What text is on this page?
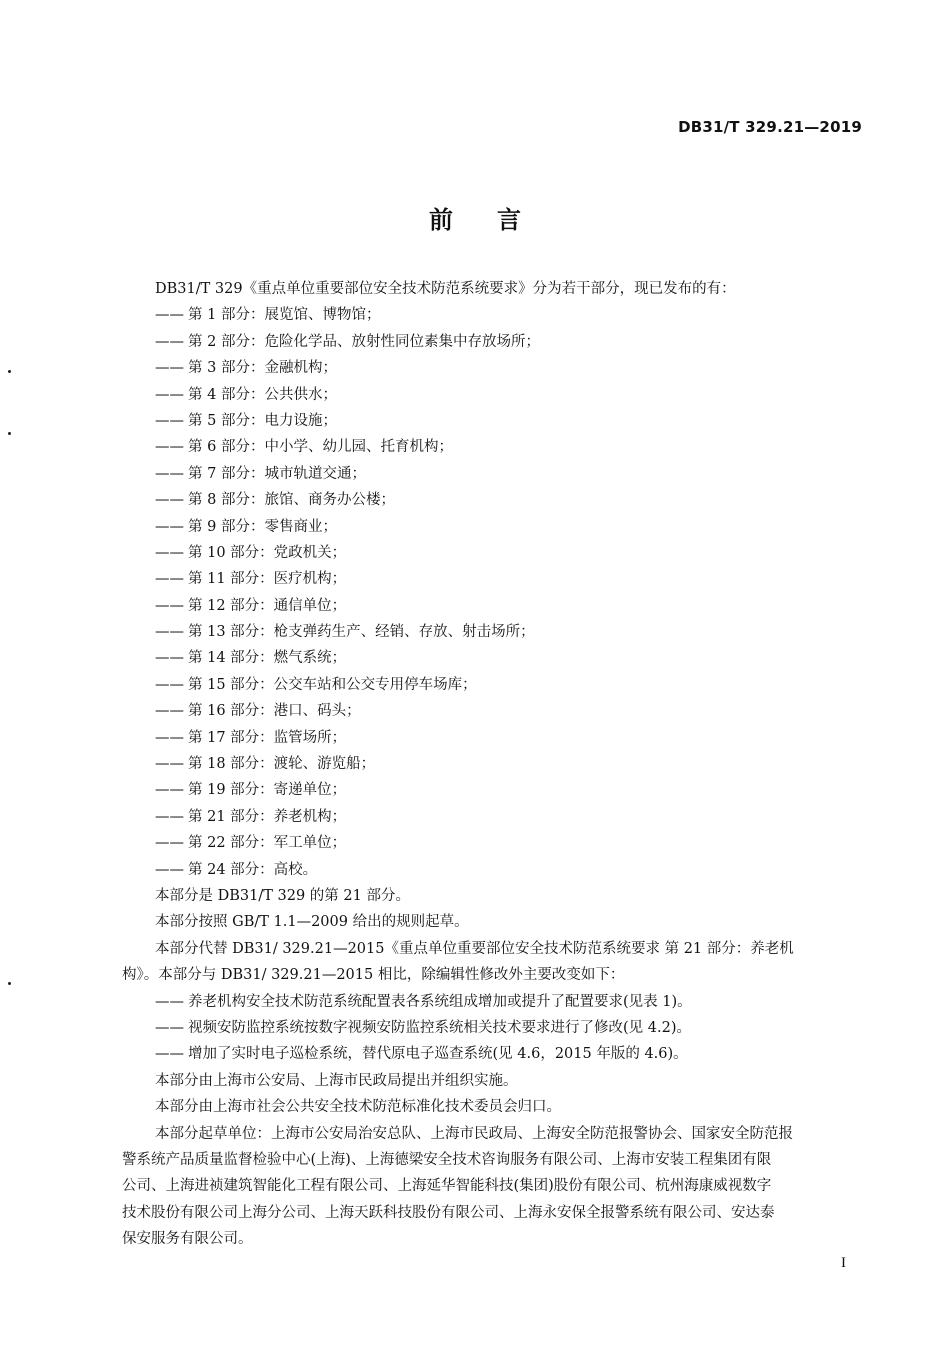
DB31/T 329.21—2019
前言
DB31/T 329《重点单位重要部位安全技术防范系统要求》分为若干部分，现已发布的有：
—— 第 1 部分：展览馆、博物馆；
—— 第 2 部分：危险化学品、放射性同位素集中存放场所；
—— 第 3 部分：金融机构；
—— 第 4 部分：公共供水；
—— 第 5 部分：电力设施；
—— 第 6 部分：中小学、幼儿园、托育机构；
—— 第 7 部分：城市轨道交通；
—— 第 8 部分：旅馆、商务办公楼；
—— 第 9 部分：零售商业；
—— 第 10 部分：党政机关；
—— 第 11 部分：医疗机构；
—— 第 12 部分：通信单位；
—— 第 13 部分：枪支弹药生产、经销、存放、射击场所；
—— 第 14 部分：燃气系统；
—— 第 15 部分：公交车站和公交专用停车场库；
—— 第 16 部分：港口、码头；
—— 第 17 部分：监管场所；
—— 第 18 部分：渡轮、游览船；
—— 第 19 部分：寄递单位；
—— 第 21 部分：养老机构；
—— 第 22 部分：军工单位；
—— 第 24 部分：高校。
本部分是 DB31/T 329 的第 21 部分。
本部分按照 GB/T 1.1—2009 给出的规则起草。
本部分代替 DB31/ 329.21—2015《重点单位重要部位安全技术防范系统要求 第 21 部分：养老机
构》。本部分与 DB31/ 329.21—2015 相比，除编辑性修改外主要改变如下：
—— 养老机构安全技术防范系统配置表各系统组成增加或提升了配置要求(见表 1)。
—— 视频安防监控系统按数字视频安防监控系统相关技术要求进行了修改(见 4.2)。
—— 增加了实时电子巡检系统，替代原电子巡查系统(见 4.6，2015 年版的 4.6)。
本部分由上海市公安局、上海市民政局提出并组织实施。
本部分由上海市社会公共安全技术防范标准化技术委员会归口。
本部分起草单位：上海市公安局治安总队、上海市民政局、上海安全防范报警协会、国家安全防范报
警系统产品质量监督检验中心(上海)、上海德梁安全技术咨询服务有限公司、上海市安装工程集团有限
公司、上海进祯建筑智能化工程有限公司、上海延华智能科技(集团)股份有限公司、杭州海康威视数字
技术股份有限公司上海分公司、上海天跃科技股份有限公司、上海永安保全报警系统有限公司、安达泰
保安服务有限公司。
I
